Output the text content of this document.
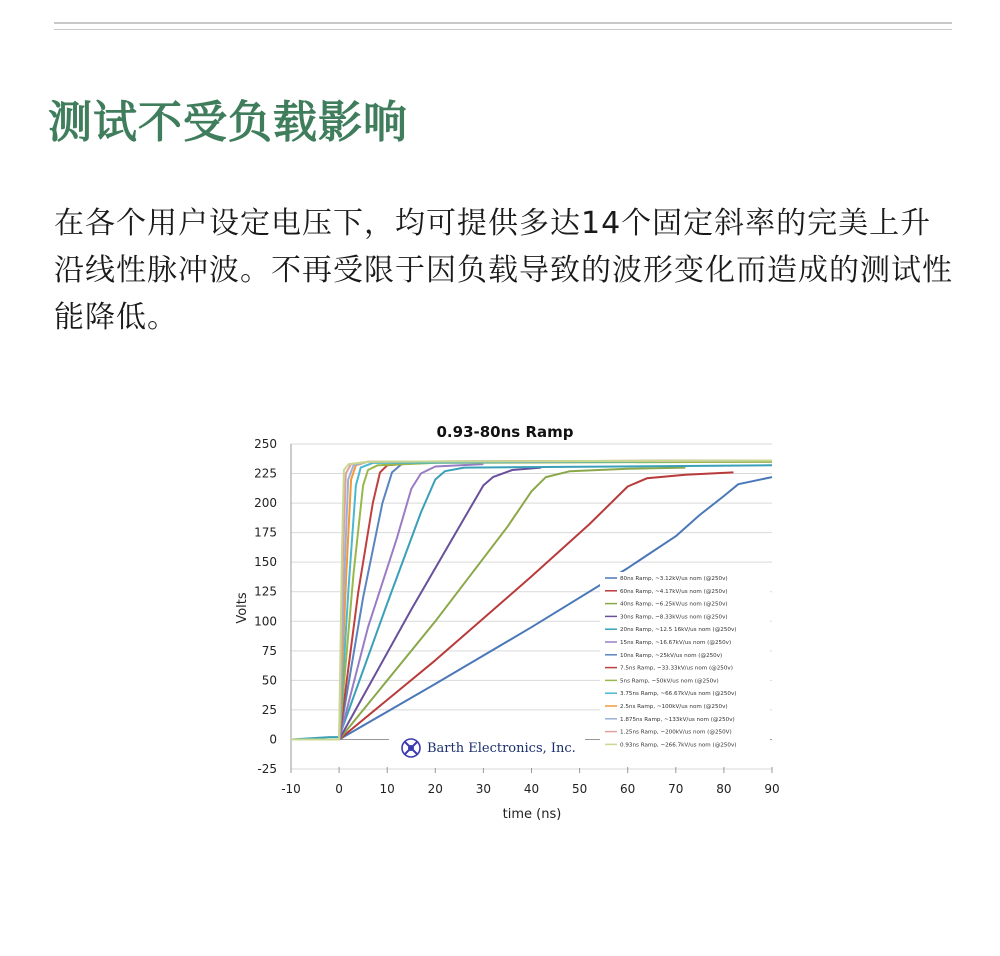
测试不受负载影响
在各个用户设定电压下，均可提供多达14个固定斜率的完美上升沿线性脉冲波。不再受限于因负载导致的波形变化而造成的测试性能降低。
0.93-80ns Ramp
-25
0
25
50
75
100
125
150
175
200
225
250
-10	0	10	20	30	40	50	60	70	80	90
Barth Electronics, Inc.
80ns Ramp, ~3.12kV/us nom (@250v)
60ns Ramp, ~4.17kV/us nom (@250v)
40ns Ramp, ~6.25kV/us nom (@250v)
30ns Ramp, ~8.33kV/us nom (@250v)
20ns Ramp, ~12.5 16kV/us nom (@250v)
15ns Ramp, ~16.67kV/us nom (@250v)
10ns Ramp, ~25kV/us nom (@250v)
7.5ns Ramp, ~33.33kV/us nom (@250v)
5ns Ramp, ~50kV/us nom (@250v)
3.75ns Ramp, ~66.67kV/us nom (@250v)
2.5ns Ramp, ~100kV/us nom (@250v)
1.875ns Ramp, ~133kV/us nom (@250v)
1.25ns Ramp, ~200kV/us nom (@250V)
0.93ns Ramp, ~266.7kV/us nom (@250v)
time (ns)
Volts
